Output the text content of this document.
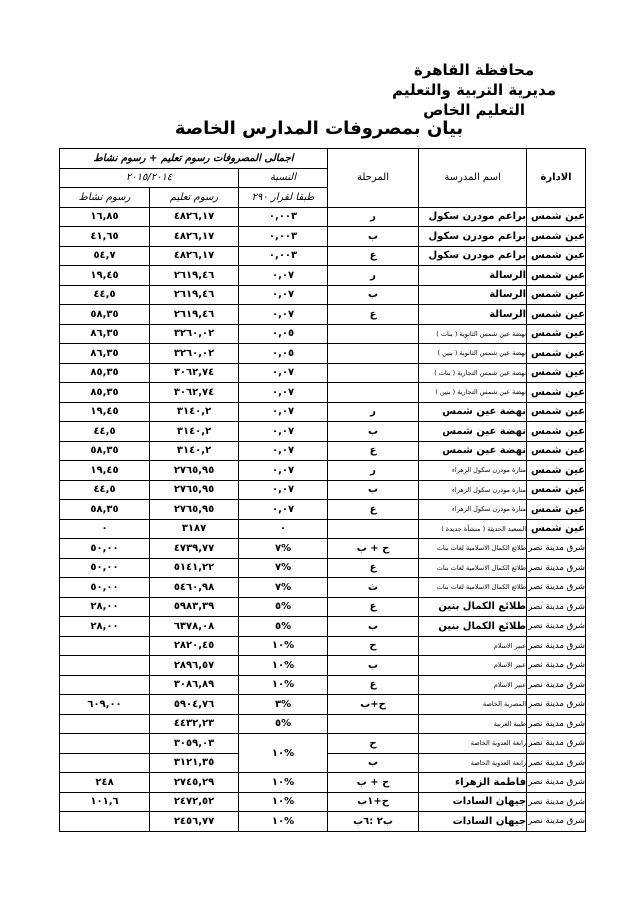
محافظة القاهرة
مديرية التربية والتعليم
التعليم الخاص
بيان بمصروفات المدارس الخاصة
الادارة	اسم المدرسة	المرحلة	اجمالى المصروفات رسوم تعليم + رسوم نشاط		
			النسبة	٢٠١٥/٢٠١٤	
			طبقا لقرار ٢٩٠	رسوم تعليم	رسوم نشاط
عين شمس	براعم مودرن سكول	ر	٠,٠٠٣	٤٨٢٦,١٧	١٦,٨٥
عين شمس	براعم مودرن سكول	ب	٠,٠٠٣	٤٨٢٦,١٧	٤١,٦٥
عين شمس	براعم مودرن سكول	ع	٠,٠٠٣	٤٨٢٦,١٧	٥٤,٧
عين شمس	الرسالة	ر	٠,٠٧	٢٦١٩,٤٦	١٩,٤٥
عين شمس	الرسالة	ب	٠,٠٧	٢٦١٩,٤٦	٤٤,٥
عين شمس	الرسالة	ع	٠,٠٧	٢٦١٩,٤٦	٥٨,٣٥
عين شمس	نهضة عين شمس الثانوية ( بنات )		٠,٠٥	٣٢٦٠,٠٢	٨٦,٣٥
عين شمس	نهضة عين شمس الثانوية ( بنين )		٠,٠٥	٣٢٦٠,٠٢	٨٦,٣٥
عين شمس	نهضة عين شمس التجارية ( بنات )		٠,٠٧	٣٠٦٢,٧٤	٨٥,٣٥
عين شمس	نهضة عين شمس التجارية ( بنين )		٠,٠٧	٣٠٦٢,٧٤	٨٥,٣٥
عين شمس	نهضة عين شمس	ر	٠,٠٧	٣١٤٠,٢	١٩,٤٥
عين شمس	نهضة عين شمس	ب	٠,٠٧	٣١٤٠,٢	٤٤,٥
عين شمس	نهضة عين شمس	ع	٠,٠٧	٣١٤٠,٢	٥٨,٣٥
عين شمس	منارة مودرن سكول الزهراء	ر	٠,٠٧	٢٧٦٥,٩٥	١٩,٤٥
عين شمس	منارة مودرن سكول الزهراء	ب	٠,٠٧	٢٧٦٥,٩٥	٤٤,٥
عين شمس	منارة مودرن سكول الزهراء	ع	٠,٠٧	٢٧٦٥,٩٥	٥٨,٣٥
عين شمس	السعيد الحديثة ( منشأة جديدة )		٠	٣١٨٧	٠
شرق مدينة نصر	طلائع الكمال الاسلامية لغات بنات	ح + ب	%٧	٤٧٣٩,٧٧	٥٠,٠٠
شرق مدينة نصر	طلائع الكمال الاسلامية لغات بنات	ع	%٧	٥١٤١,٢٢	٥٠,٠٠
شرق مدينة نصر	طلائع الكمال الاسلامية لغات بنات	ث	%٧	٥٤٦٠,٩٨	٥٠,٠٠
شرق مدينة نصر	طلائع الكمال بنين	ع	%٥	٥٩٨٣,٣٩	٢٨,٠٠
شرق مدينة نصر	طلائع الكمال بنين	ب	%٥	٦٣٧٨,٠٨	٢٨,٠٠
شرق مدينة نصر	عبير الاسلام	ح	%١٠	٢٨٢٠,٤٥	
شرق مدينة نصر	عبير الاسلام	ب	%١٠	٢٨٩٦,٥٧	
شرق مدينة نصر	عبير الاسلام	ع	%١٠	٣٠٨٦,٨٩	
شرق مدينة نصر	المصرية الخاصة	ح+ب	%٣	٥٩٠٤,٧٦	٦٠٩,٠٠
شرق مدينة نصر	طيبة العربية		%٥	٤٤٣٢,٢٣	
شرق مدينة نصر	رابعة العدوية الخاصة	ح	%١٠	٣٠٥٩,٠٣	
شرق مدينة نصر	رابعة العدوية الخاصة	ب		٣١٢١,٣٥	
شرق مدينة نصر	فاطمة الزهراء	ح + ب	%١٠	٢٧٤٥,٢٩	٢٤٨
شرق مدينة نصر	جيهان السادات	ح+١ب	%١٠	٢٤٧٢,٥٢	١٠١,٦
شرق مدينة نصر	جيهان السادات	ب٢ :٦ب	%١٠	٢٤٥٦,٧٧	
